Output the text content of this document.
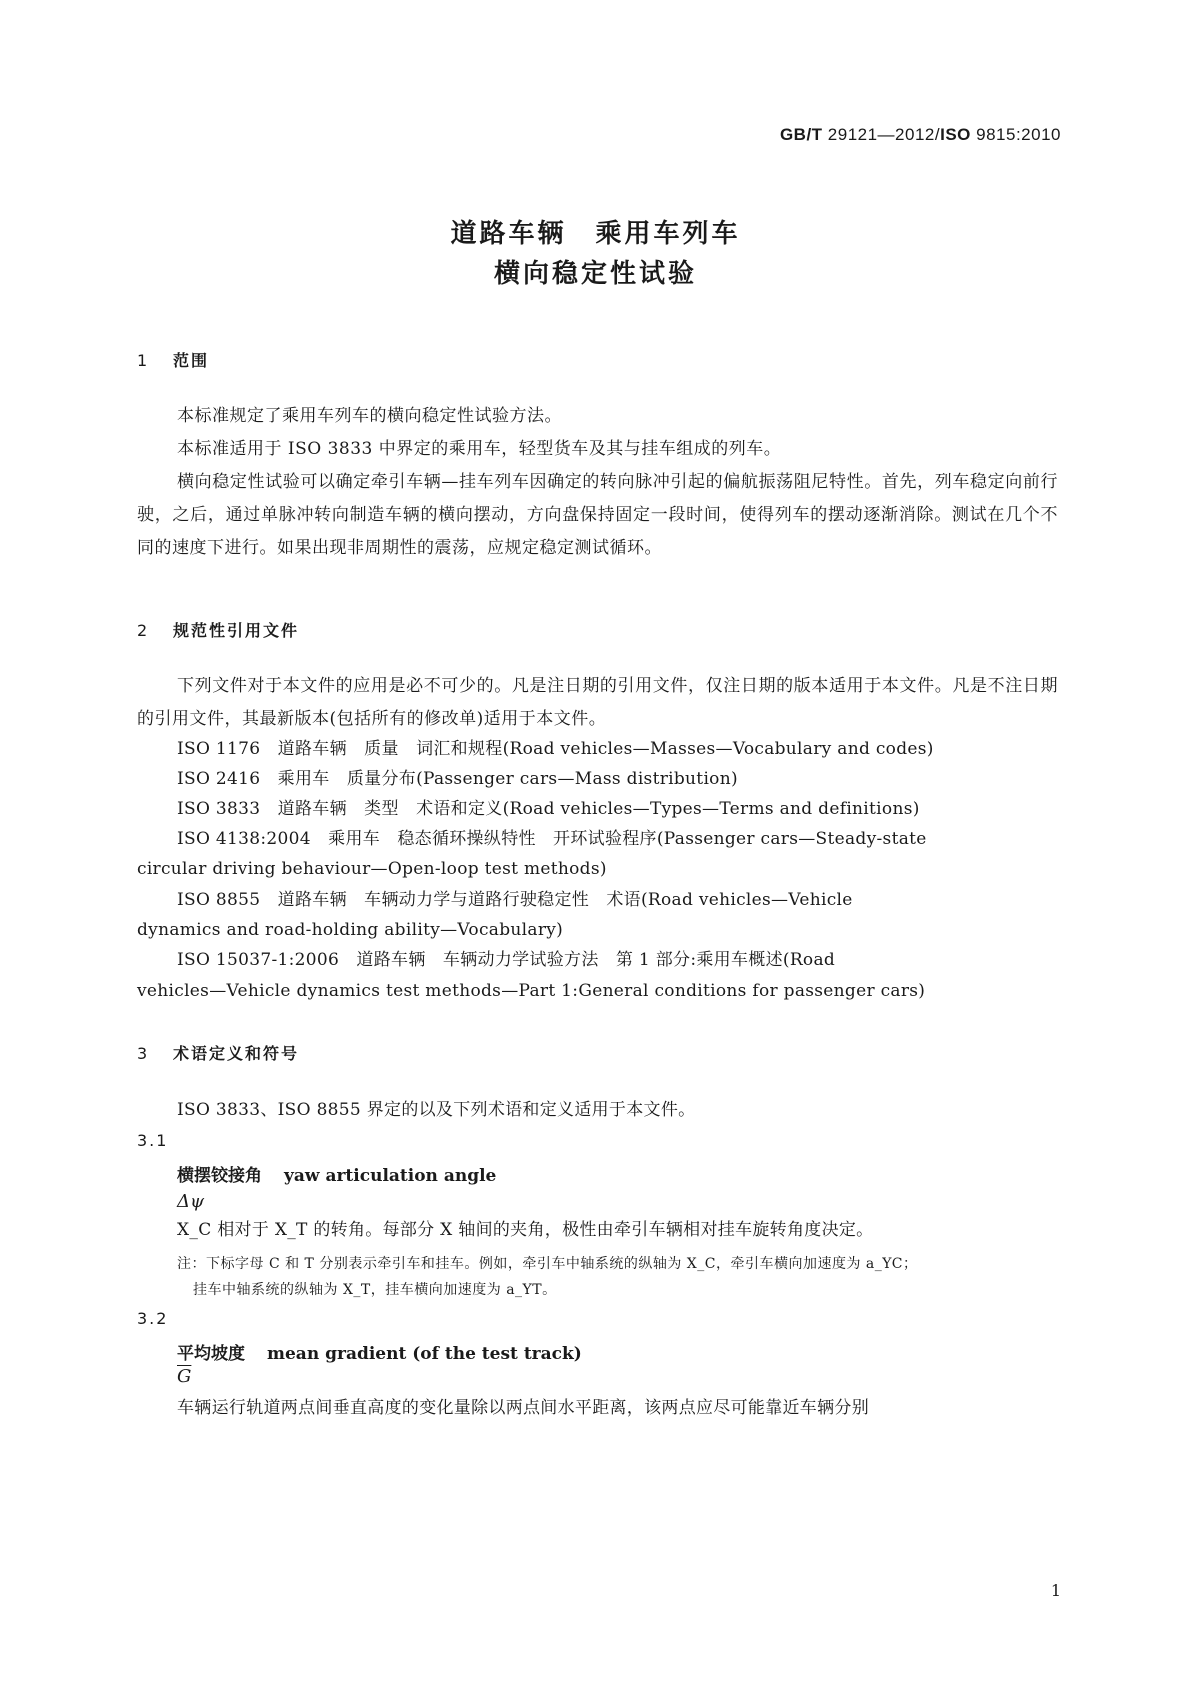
GB/T 29121—2012/ISO 9815:2010
道路车辆　乘用车列车
横向稳定性试验
1 范围
本标准规定了乘用车列车的横向稳定性试验方法。
本标准适用于 ISO 3833 中界定的乘用车，轻型货车及其与挂车组成的列车。
横向稳定性试验可以确定牵引车辆—挂车列车因确定的转向脉冲引起的偏航振荡阻尼特性。首先，列车稳定向前行驶，之后，通过单脉冲转向制造车辆的横向摆动，方向盘保持固定一段时间，使得列车的摆动逐渐消除。测试在几个不同的速度下进行。如果出现非周期性的震荡，应规定稳定测试循环。
2 规范性引用文件
下列文件对于本文件的应用是必不可少的。凡是注日期的引用文件，仅注日期的版本适用于本文件。凡是不注日期的引用文件，其最新版本(包括所有的修改单)适用于本文件。
ISO 1176　道路车辆　质量　词汇和规程(Road vehicles—Masses—Vocabulary and codes)
ISO 2416　乘用车　质量分布(Passenger cars—Mass distribution)
ISO 3833　道路车辆　类型　术语和定义(Road vehicles—Types—Terms and definitions)
ISO 4138:2004　乘用车　稳态循环操纵特性　开环试验程序(Passenger cars—Steady-state
circular driving behaviour—Open-loop test methods)
ISO 8855　道路车辆　车辆动力学与道路行驶稳定性　术语(Road vehicles—Vehicle
dynamics and road-holding ability—Vocabulary)
ISO 15037-1:2006　道路车辆　车辆动力学试验方法　第 1 部分:乘用车概述(Road
vehicles—Vehicle dynamics test methods—Part 1:General conditions for passenger cars)
3 术语定义和符号
ISO 3833、ISO 8855 界定的以及下列术语和定义适用于本文件。
3.1
横摆铰接角 yaw articulation angle
Δψ
X_C 相对于 X_T 的转角。每部分 X 轴间的夹角，极性由牵引车辆相对挂车旋转角度决定。
注：下标字母 C 和 T 分别表示牵引车和挂车。例如，牵引车中轴系统的纵轴为 X_C，牵引车横向加速度为 a_YC；
挂车中轴系统的纵轴为 X_T，挂车横向加速度为 a_YT。
3.2
平均坡度 mean gradient (of the test track)
$\overline{G}$
车辆运行轨道两点间垂直高度的变化量除以两点间水平距离，该两点应尽可能靠近车辆分别
1
